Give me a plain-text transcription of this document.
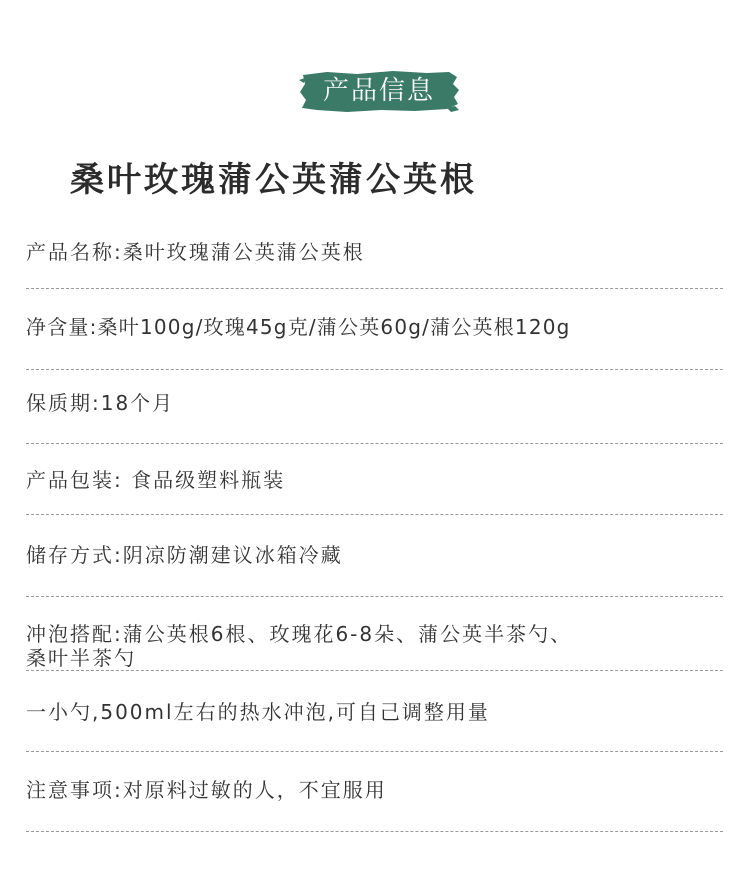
产品信息
桑叶玫瑰蒲公英蒲公英根
产品名称:桑叶玫瑰蒲公英蒲公英根
净含量:桑叶100g/玫瑰45g克/蒲公英60g/蒲公英根120g
保质期:18个月
产品包装: 食品级塑料瓶装
储存方式:阴凉防潮建议冰箱冷藏
冲泡搭配:蒲公英根6根、玫瑰花6-8朵、蒲公英半茶勺、
桑叶半茶勺
一小勺,500ml左右的热水冲泡,可自己调整用量
注意事项:对原料过敏的人，不宜服用
